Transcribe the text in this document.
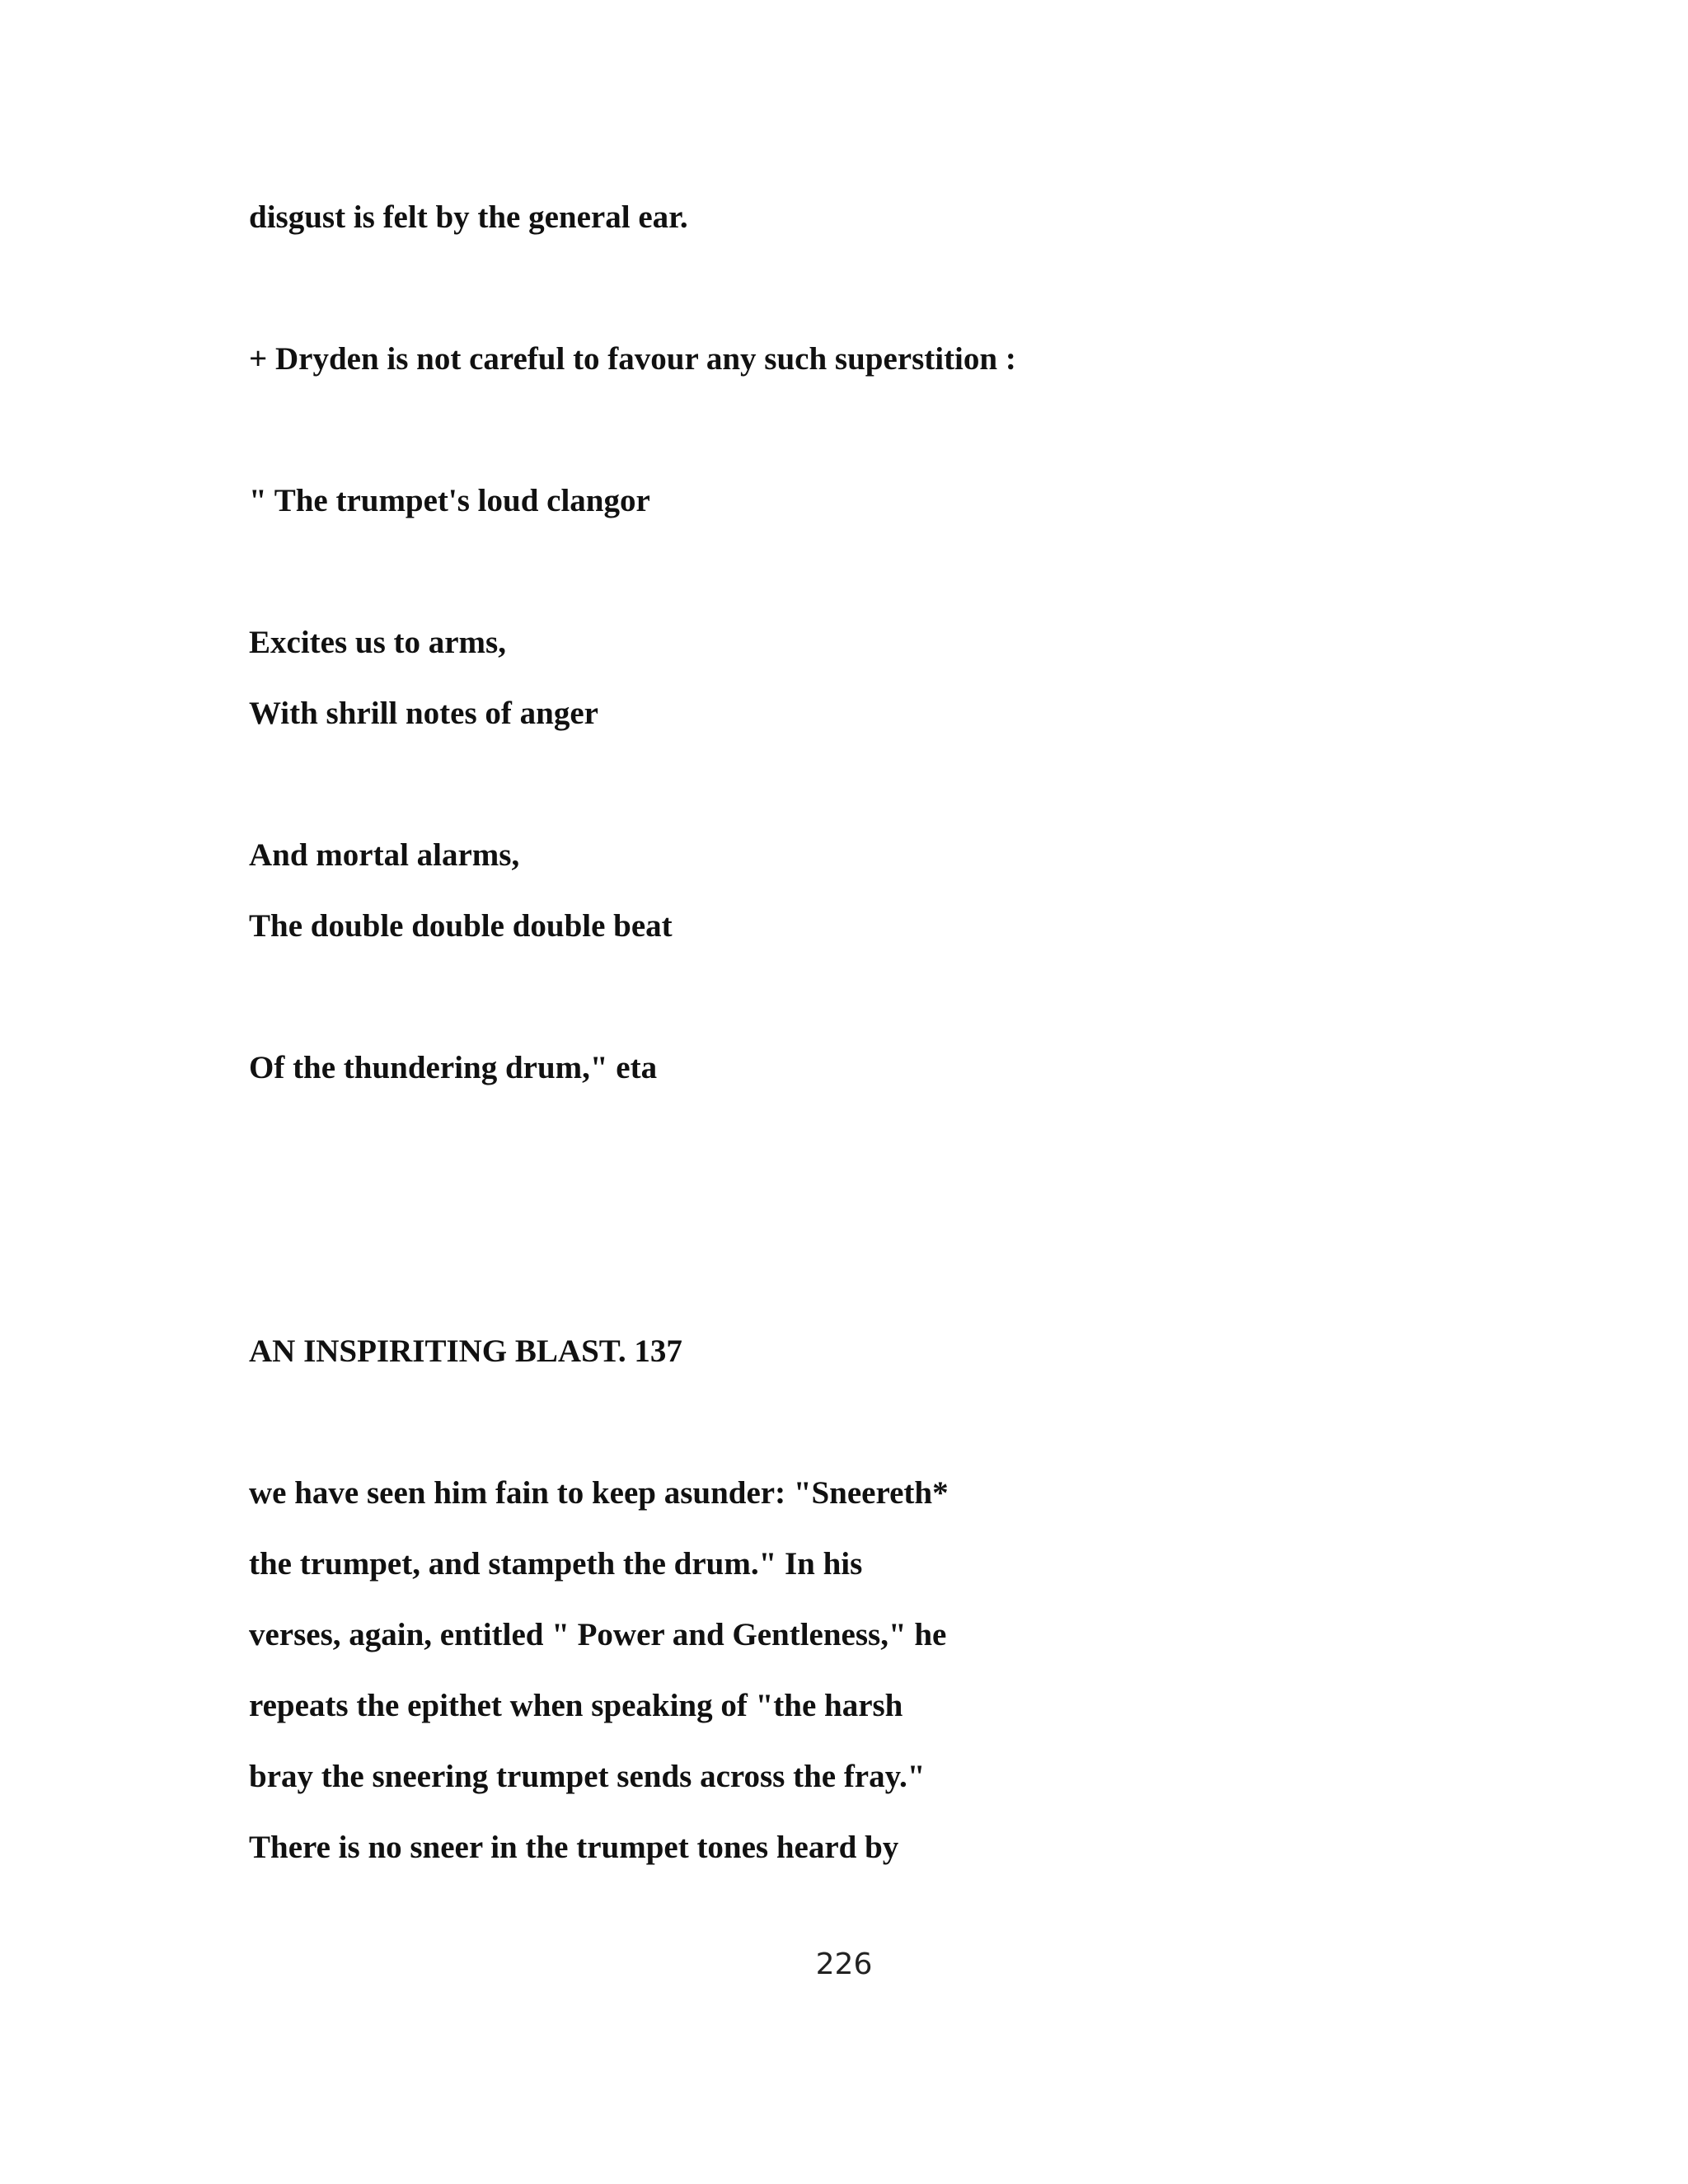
disgust is felt by the general ear.
+ Dryden is not careful to favour any such superstition :
" The trumpet's loud clangor
Excites us to arms,
With shrill notes of anger
And mortal alarms,
The double double double beat
Of the thundering drum," eta
AN INSPIRITING BLAST. 137
we have seen him fain to keep asunder: "Sneereth*
the trumpet, and stampeth the drum." In his
verses, again, entitled " Power and Gentleness," he
repeats the epithet when speaking of "the harsh
bray the sneering trumpet sends across the fray."
There is no sneer in the trumpet tones heard by
226
